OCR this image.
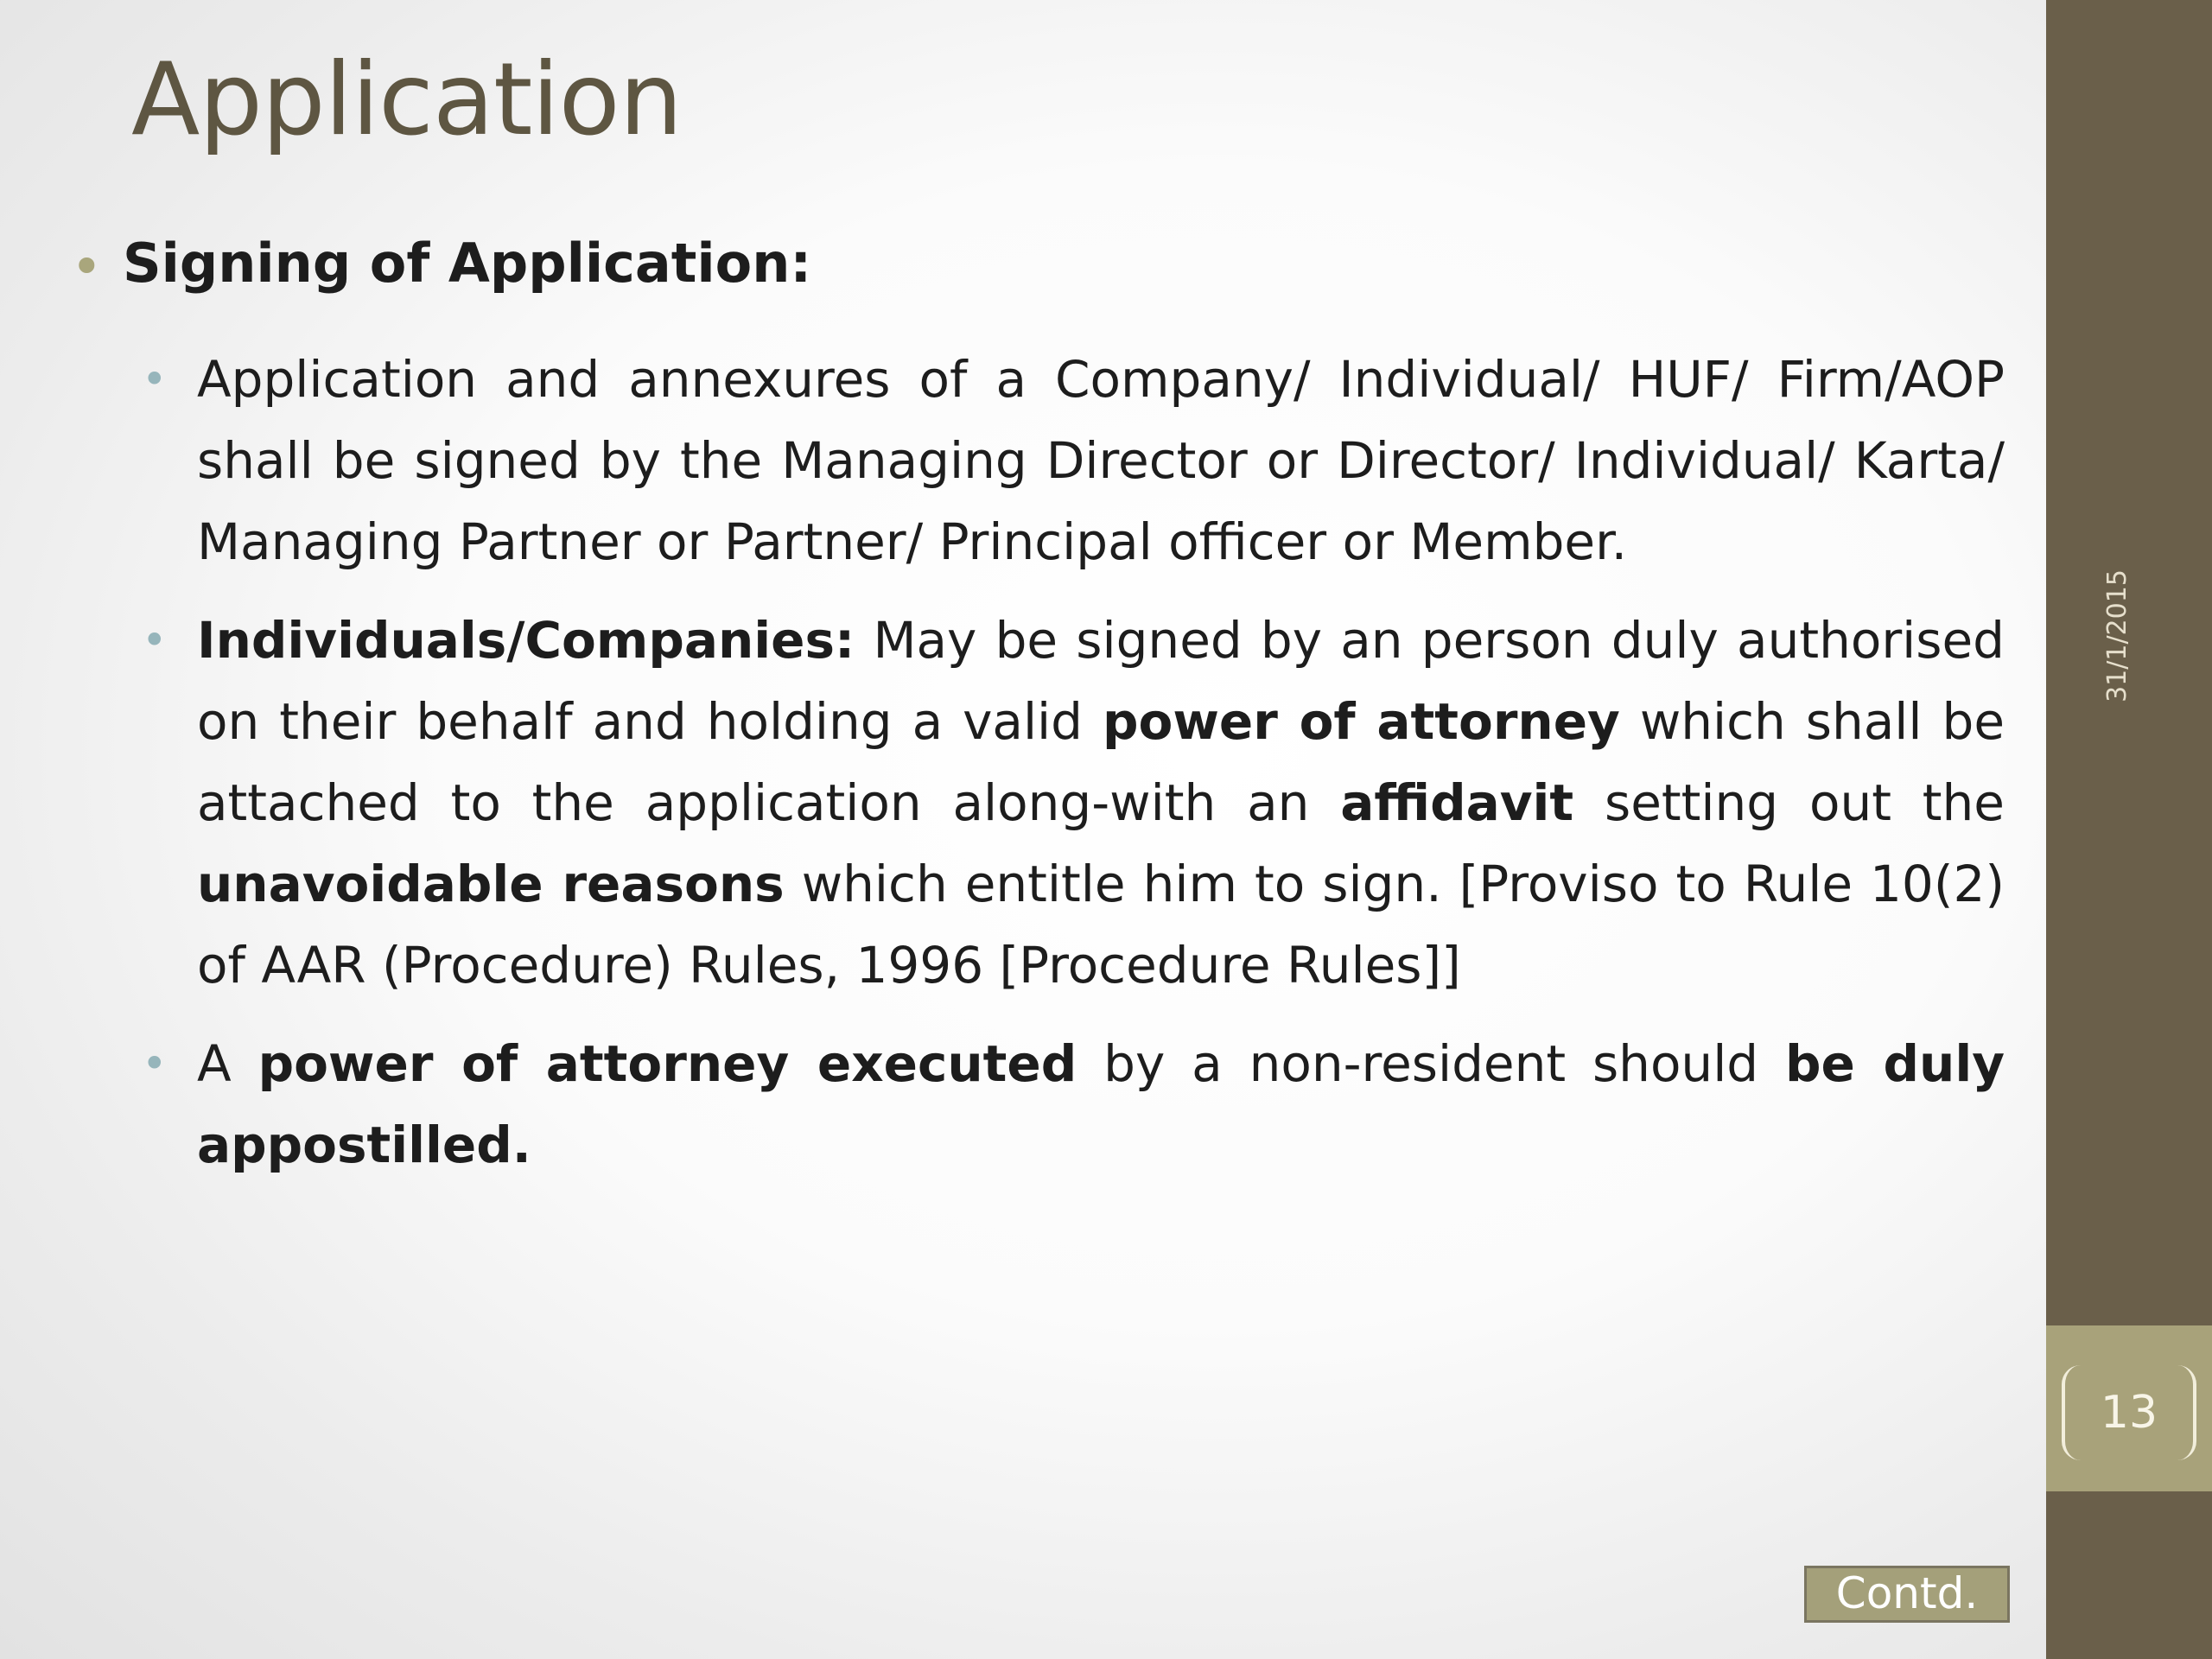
Application
• Signing of Application:
• Application and annexures of a Company/ Individual/ HUF/ Firm/AOP shall be signed by the Managing Director or Director/ Individual/ Karta/ Managing Partner or Partner/ Principal officer or Member.
• Individuals/Companies: May be signed by an person duly authorised on their behalf and holding a valid power of attorney which shall be attached to the application along-with an affidavit setting out the unavoidable reasons which entitle him to sign. [Proviso to Rule 10(2) of AAR (Procedure) Rules, 1996 [Procedure Rules]]
• A power of attorney executed by a non-resident should be duly appostilled.
Contd.
31/1/2015
13
